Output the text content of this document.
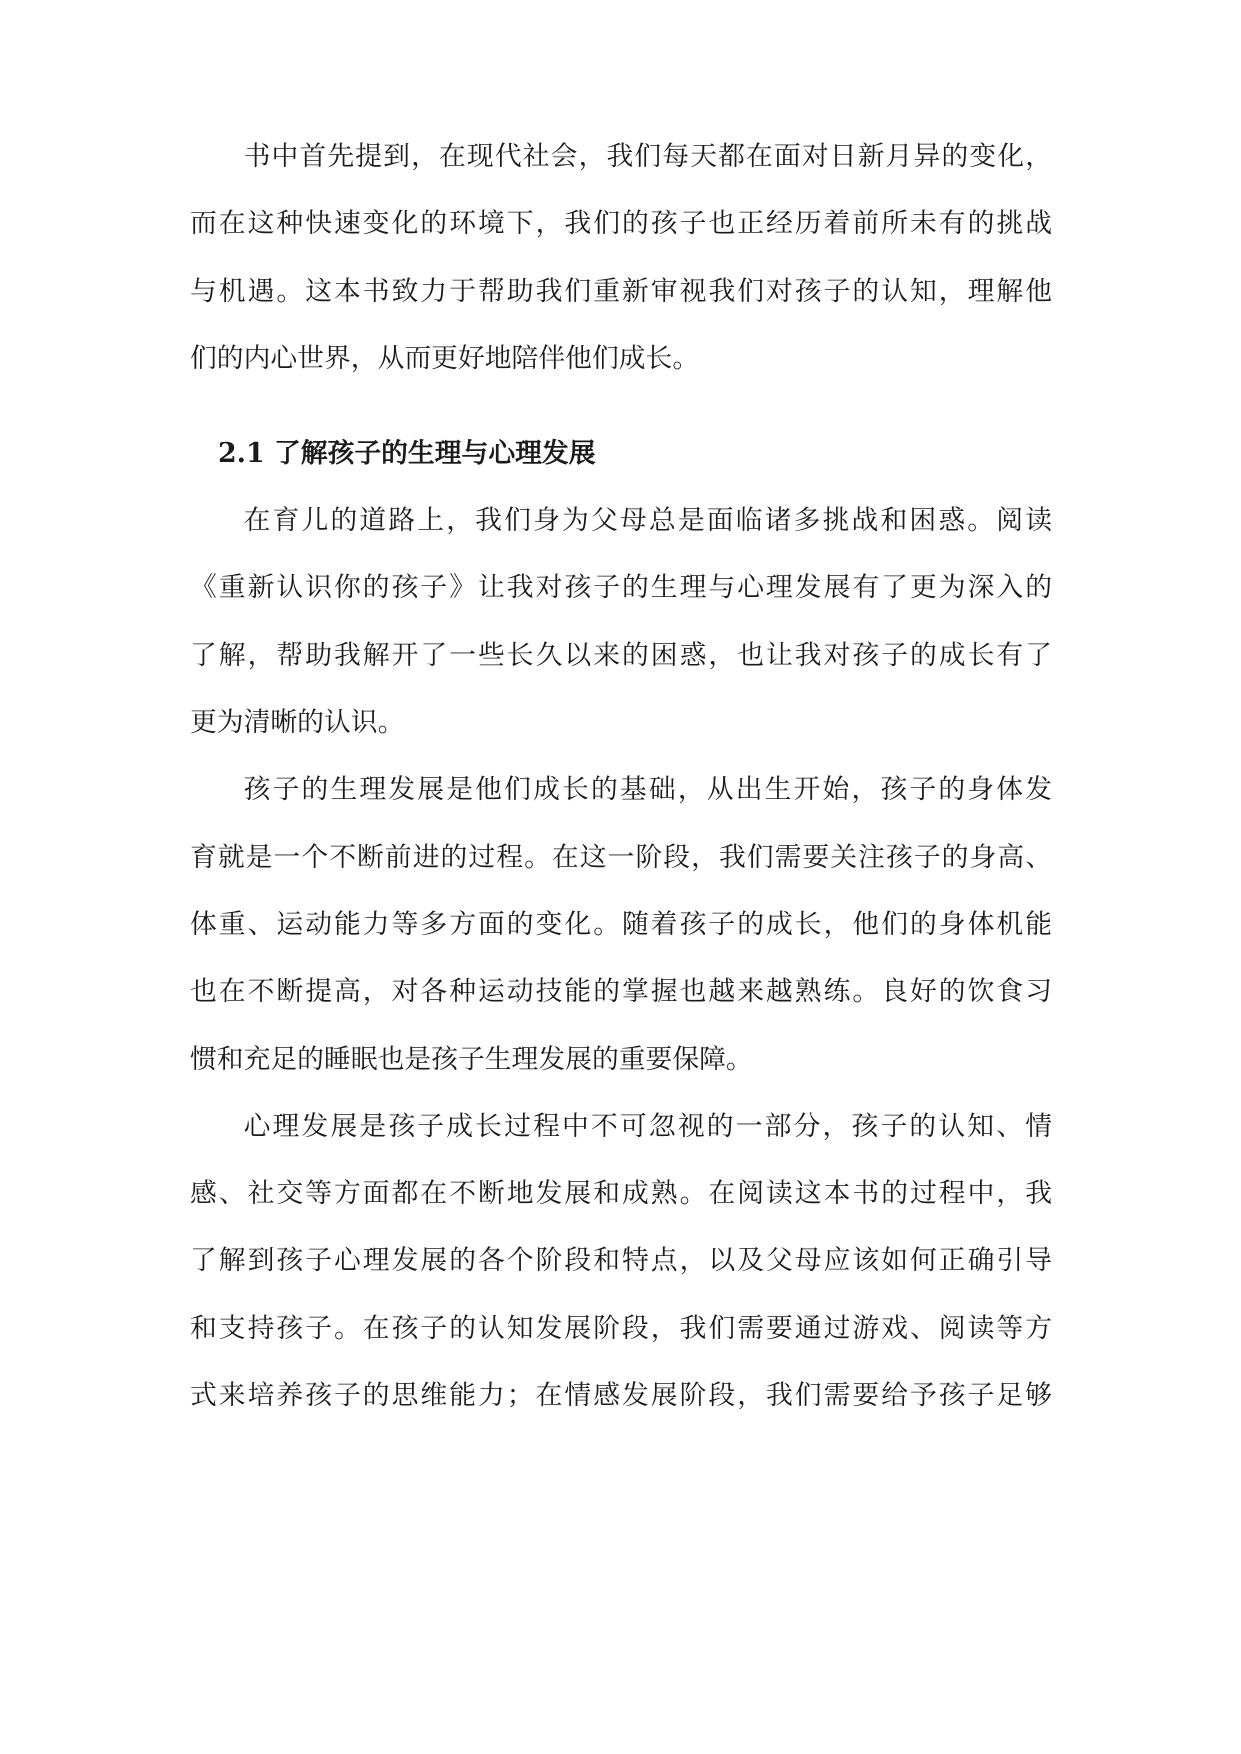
书中首先提到，在现代社会，我们每天都在面对日新月异的变化，
而在这种快速变化的环境下，我们的孩子也正经历着前所未有的挑战
与机遇。这本书致力于帮助我们重新审视我们对孩子的认知，理解他
们的内心世界，从而更好地陪伴他们成长。
2.1 了解孩子的生理与心理发展
在育儿的道路上，我们身为父母总是面临诸多挑战和困惑。阅读
《重新认识你的孩子》让我对孩子的生理与心理发展有了更为深入的
了解，帮助我解开了一些长久以来的困惑，也让我对孩子的成长有了
更为清晰的认识。
孩子的生理发展是他们成长的基础，从出生开始，孩子的身体发
育就是一个不断前进的过程。在这一阶段，我们需要关注孩子的身高、
体重、运动能力等多方面的变化。随着孩子的成长，他们的身体机能
也在不断提高，对各种运动技能的掌握也越来越熟练。良好的饮食习
惯和充足的睡眠也是孩子生理发展的重要保障。
心理发展是孩子成长过程中不可忽视的一部分，孩子的认知、情
感、社交等方面都在不断地发展和成熟。在阅读这本书的过程中，我
了解到孩子心理发展的各个阶段和特点，以及父母应该如何正确引导
和支持孩子。在孩子的认知发展阶段，我们需要通过游戏、阅读等方
式来培养孩子的思维能力；在情感发展阶段，我们需要给予孩子足够
